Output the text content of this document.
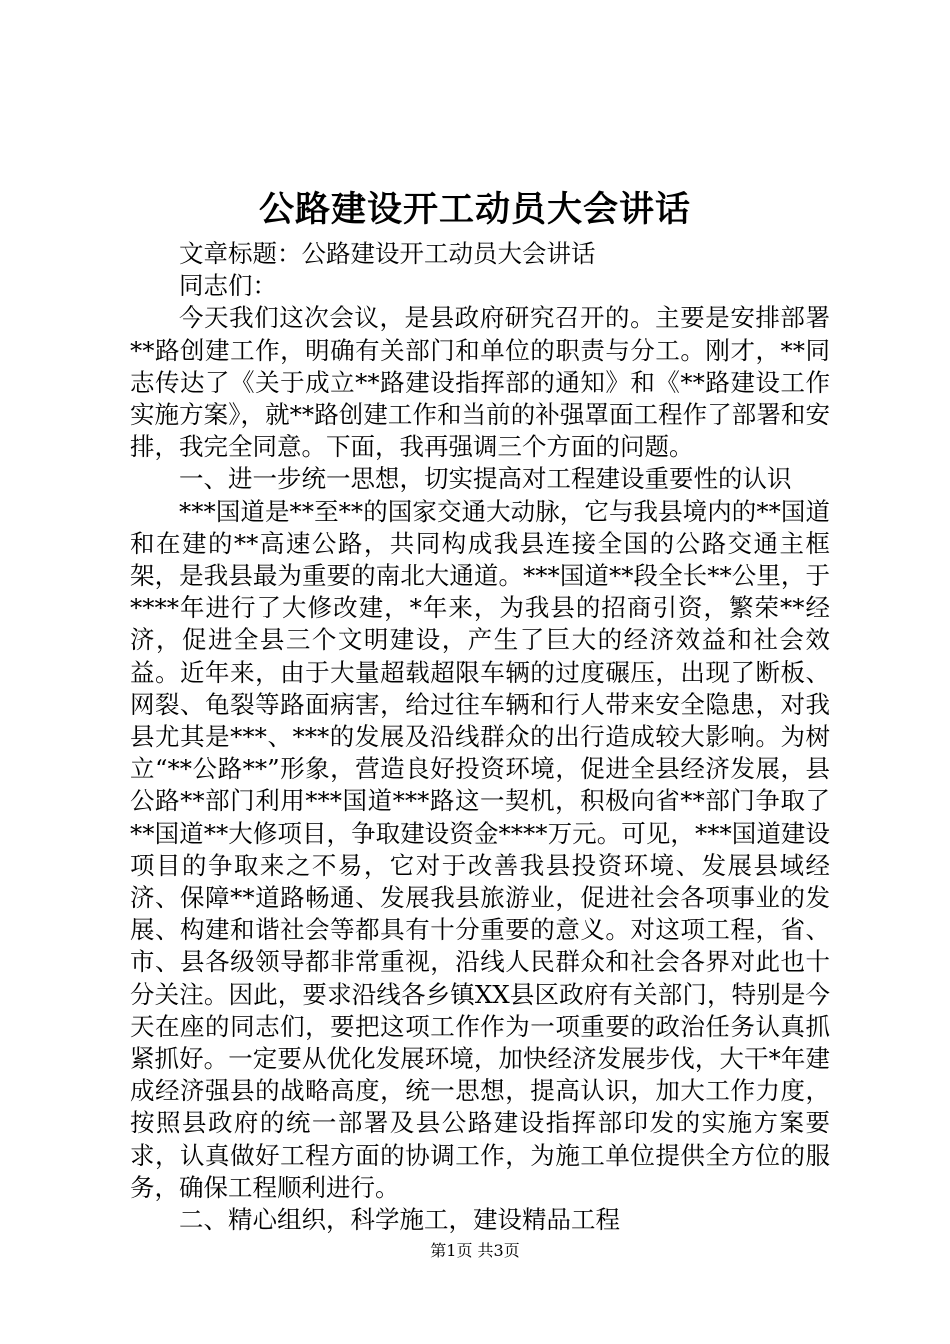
公路建设开工动员大会讲话

文章标题：公路建设开工动员大会讲话

同志们：

今天我们这次会议，是县政府研究召开的。主要是安排部署**路创建工作，明确有关部门和单位的职责与分工。刚才，**同志传达了《关于成立**路建设指挥部的通知》和《**路建设工作实施方案》，就**路创建工作和当前的补强罩面工程作了部署和安排，我完全同意。下面，我再强调三个方面的问题。

一、进一步统一思想，切实提高对工程建设重要性的认识

***国道是**至**的国家交通大动脉，它与我县境内的**国道和在建的**高速公路，共同构成我县连接全国的公路交通主框架，是我县最为重要的南北大通道。***国道**段全长**公里，于****年进行了大修改建，*年来，为我县的招商引资，繁荣**经济，促进全县三个文明建设，产生了巨大的经济效益和社会效益。近年来，由于大量超载超限车辆的过度碾压，出现了断板、网裂、龟裂等路面病害，给过往车辆和行人带来安全隐患，对我县尤其是***、***的发展及沿线群众的出行造成较大影响。为树立“**公路**”形象，营造良好投资环境，促进全县经济发展，县公路**部门利用***国道***路这一契机，积极向省**部门争取了**国道**大修项目，争取建设资金****万元。可见，***国道建设项目的争取来之不易，它对于改善我县投资环境、发展县域经济、保障**道路畅通、发展我县旅游业，促进社会各项事业的发展、构建和谐社会等都具有十分重要的意义。对这项工程，省、市、县各级领导都非常重视，沿线人民群众和社会各界对此也十分关注。因此，要求沿线各乡镇XX县区政府有关部门，特别是今天在座的同志们，要把这项工作作为一项重要的政治任务认真抓紧抓好。一定要从优化发展环境，加快经济发展步伐，大干*年建成经济强县的战略高度，统一思想，提高认识，加大工作力度，按照县政府的统一部署及县公路建设指挥部印发的实施方案要求，认真做好工程方面的协调工作，为施工单位提供全方位的服务，确保工程顺利进行。

二、精心组织，科学施工，建设精品工程

第1页 共3页
